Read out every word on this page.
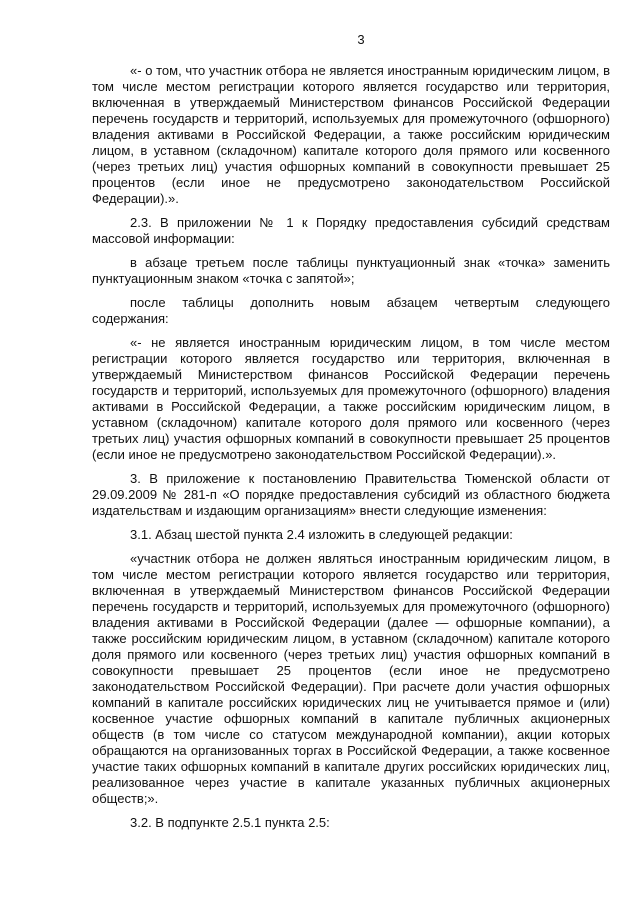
3

«- о том, что участник отбора не является иностранным юридическим лицом, в том числе местом регистрации которого является государство или территория, включенная в утверждаемый Министерством финансов Российской Федерации перечень государств и территорий, используемых для промежуточного (офшорного) владения активами в Российской Федерации, а также российским юридическим лицом, в уставном (складочном) капитале которого доля прямого или косвенного (через третьих лиц) участия офшорных компаний в совокупности превышает 25 процентов (если иное не предусмотрено законодательством Российской Федерации).».

2.3. В приложении № 1 к Порядку предоставления субсидий средствам массовой информации:

в абзаце третьем после таблицы пунктуационный знак «точка» заменить пунктуационным знаком «точка с запятой»;

после таблицы дополнить новым абзацем четвертым следующего содержания:

«- не является иностранным юридическим лицом, в том числе местом регистрации которого является государство или территория, включенная в утверждаемый Министерством финансов Российской Федерации перечень государств и территорий, используемых для промежуточного (офшорного) владения активами в Российской Федерации, а также российским юридическим лицом, в уставном (складочном) капитале которого доля прямого или косвенного (через третьих лиц) участия офшорных компаний в совокупности превышает 25 процентов (если иное не предусмотрено законодательством Российской Федерации).».

3. В приложение к постановлению Правительства Тюменской области от 29.09.2009 № 281-п «О порядке предоставления субсидий из областного бюджета издательствам и издающим организациям» внести следующие изменения:

3.1. Абзац шестой пункта 2.4 изложить в следующей редакции:

«участник отбора не должен являться иностранным юридическим лицом, в том числе местом регистрации которого является государство или территория, включенная в утверждаемый Министерством финансов Российской Федерации перечень государств и территорий, используемых для промежуточного (офшорного) владения активами в Российской Федерации (далее — офшорные компании), а также российским юридическим лицом, в уставном (складочном) капитале которого доля прямого или косвенного (через третьих лиц) участия офшорных компаний в совокупности превышает 25 процентов (если иное не предусмотрено законодательством Российской Федерации). При расчете доли участия офшорных компаний в капитале российских юридических лиц не учитывается прямое и (или) косвенное участие офшорных компаний в капитале публичных акционерных обществ (в том числе со статусом международной компании), акции которых обращаются на организованных торгах в Российской Федерации, а также косвенное участие таких офшорных компаний в капитале других российских юридических лиц, реализованное через участие в капитале указанных публичных акционерных обществ;».

3.2. В подпункте 2.5.1 пункта 2.5:
